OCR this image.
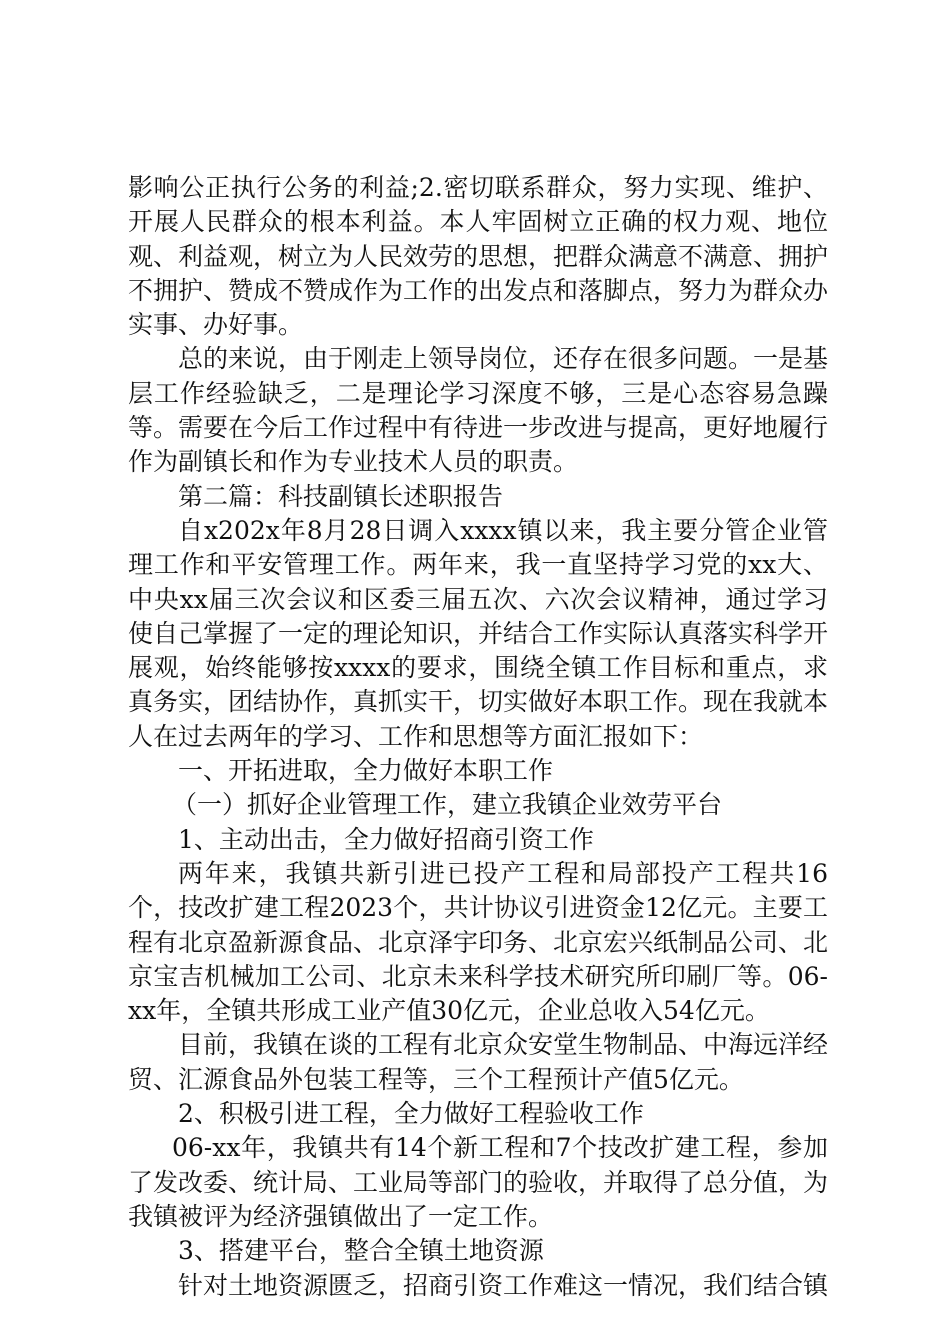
影响公正执行公务的利益;2.密切联系群众，努力实现、维护、开展人民群众的根本利益。本人牢固树立正确的权力观、地位观、利益观，树立为人民效劳的思想，把群众满意不满意、拥护不拥护、赞成不赞成作为工作的出发点和落脚点，努力为群众办实事、办好事。

总的来说，由于刚走上领导岗位，还存在很多问题。一是基层工作经验缺乏，二是理论学习深度不够，三是心态容易急躁等。需要在今后工作过程中有待进一步改进与提高，更好地履行作为副镇长和作为专业技术人员的职责。

第二篇：科技副镇长述职报告

自x202x年8月28日调入xxxx镇以来，我主要分管企业管理工作和平安管理工作。两年来，我一直坚持学习党的xx大、中央xx届三次会议和区委三届五次、六次会议精神，通过学习使自己掌握了一定的理论知识，并结合工作实际认真落实科学开展观，始终能够按xxxx的要求，围绕全镇工作目标和重点，求真务实，团结协作，真抓实干，切实做好本职工作。现在我就本人在过去两年的学习、工作和思想等方面汇报如下：

一、开拓进取，全力做好本职工作

（一）抓好企业管理工作，建立我镇企业效劳平台

1、主动出击，全力做好招商引资工作

两年来，我镇共新引进已投产工程和局部投产工程共16个，技改扩建工程2023个，共计协议引进资金12亿元。主要工程有北京盈新源食品、北京泽宇印务、北京宏兴纸制品公司、北京宝吉机械加工公司、北京未来科学技术研究所印刷厂等。06-xx年，全镇共形成工业产值30亿元，企业总收入54亿元。

目前，我镇在谈的工程有北京众安堂生物制品、中海远洋经贸、汇源食品外包装工程等，三个工程预计产值5亿元。

2、积极引进工程，全力做好工程验收工作

06-xx年，我镇共有14个新工程和7个技改扩建工程，参加了发改委、统计局、工业局等部门的验收，并取得了总分值，为我镇被评为经济强镇做出了一定工作。

3、搭建平台，整合全镇土地资源

针对土地资源匮乏，招商引资工作难这一情况，我们结合镇
